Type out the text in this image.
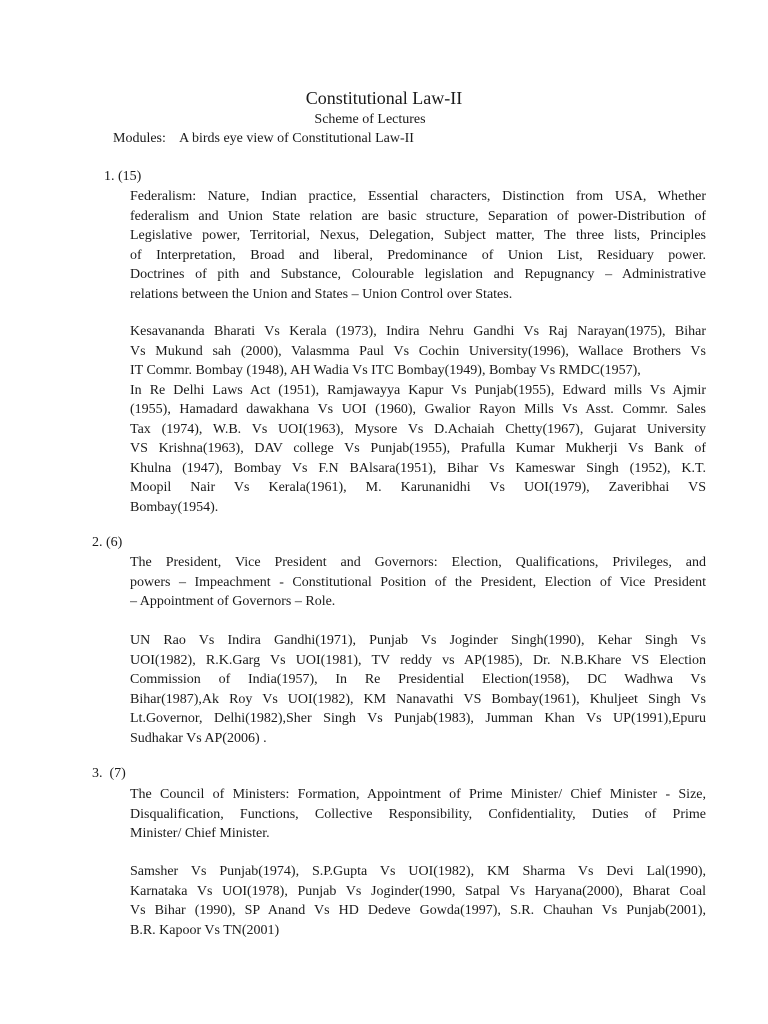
Constitutional Law-II
Scheme of Lectures
Modules:    A birds eye view of Constitutional Law-II
1. (15)
Federalism: Nature, Indian practice, Essential characters, Distinction from USA, Whether
federalism and Union State relation are basic structure, Separation of power-Distribution of
Legislative power, Territorial, Nexus, Delegation, Subject matter, The three lists, Principles
of Interpretation, Broad and liberal, Predominance of Union List, Residuary power.
Doctrines of pith and Substance, Colourable legislation and Repugnancy – Administrative
relations between the Union and States – Union Control over States.
Kesavananda Bharati Vs Kerala (1973), Indira Nehru Gandhi Vs Raj Narayan(1975), Bihar
Vs Mukund sah (2000), Valasmma Paul Vs Cochin University(1996), Wallace Brothers Vs
IT Commr. Bombay (1948), AH Wadia Vs ITC Bombay(1949), Bombay Vs RMDC(1957),
In Re Delhi Laws Act (1951), Ramjawayya Kapur Vs Punjab(1955), Edward mills Vs Ajmir
(1955), Hamadard dawakhana Vs UOI (1960), Gwalior Rayon Mills Vs Asst. Commr. Sales
Tax (1974), W.B. Vs UOI(1963), Mysore Vs D.Achaiah Chetty(1967), Gujarat University
VS Krishna(1963), DAV college Vs Punjab(1955), Prafulla Kumar Mukherji Vs Bank of
Khulna (1947), Bombay Vs F.N BAlsara(1951), Bihar Vs Kameswar Singh (1952), K.T.
Moopil Nair Vs Kerala(1961), M. Karunanidhi Vs UOI(1979), Zaveribhai VS
Bombay(1954).
2. (6)
The President, Vice President and Governors: Election, Qualifications, Privileges, and
powers – Impeachment - Constitutional Position of the President, Election of Vice President
– Appointment of Governors – Role.
UN Rao Vs Indira Gandhi(1971), Punjab Vs Joginder Singh(1990), Kehar Singh Vs
UOI(1982), R.K.Garg Vs UOI(1981), TV reddy vs AP(1985), Dr. N.B.Khare VS Election
Commission of India(1957), In Re Presidential Election(1958), DC Wadhwa Vs
Bihar(1987),Ak Roy Vs UOI(1982), KM Nanavathi VS Bombay(1961), Khuljeet Singh Vs
Lt.Governor, Delhi(1982),Sher Singh Vs Punjab(1983), Jumman Khan Vs UP(1991),Epuru
Sudhakar Vs AP(2006) .
3.  (7)
The Council of Ministers: Formation, Appointment of Prime Minister/ Chief Minister - Size,
Disqualification, Functions, Collective Responsibility, Confidentiality, Duties of Prime
Minister/ Chief Minister.
Samsher Vs Punjab(1974), S.P.Gupta Vs UOI(1982), KM Sharma Vs Devi Lal(1990),
Karnataka Vs UOI(1978), Punjab Vs Joginder(1990, Satpal Vs Haryana(2000), Bharat Coal
Vs Bihar (1990), SP Anand Vs HD Dedeve Gowda(1997), S.R. Chauhan Vs Punjab(2001),
B.R. Kapoor Vs TN(2001)
